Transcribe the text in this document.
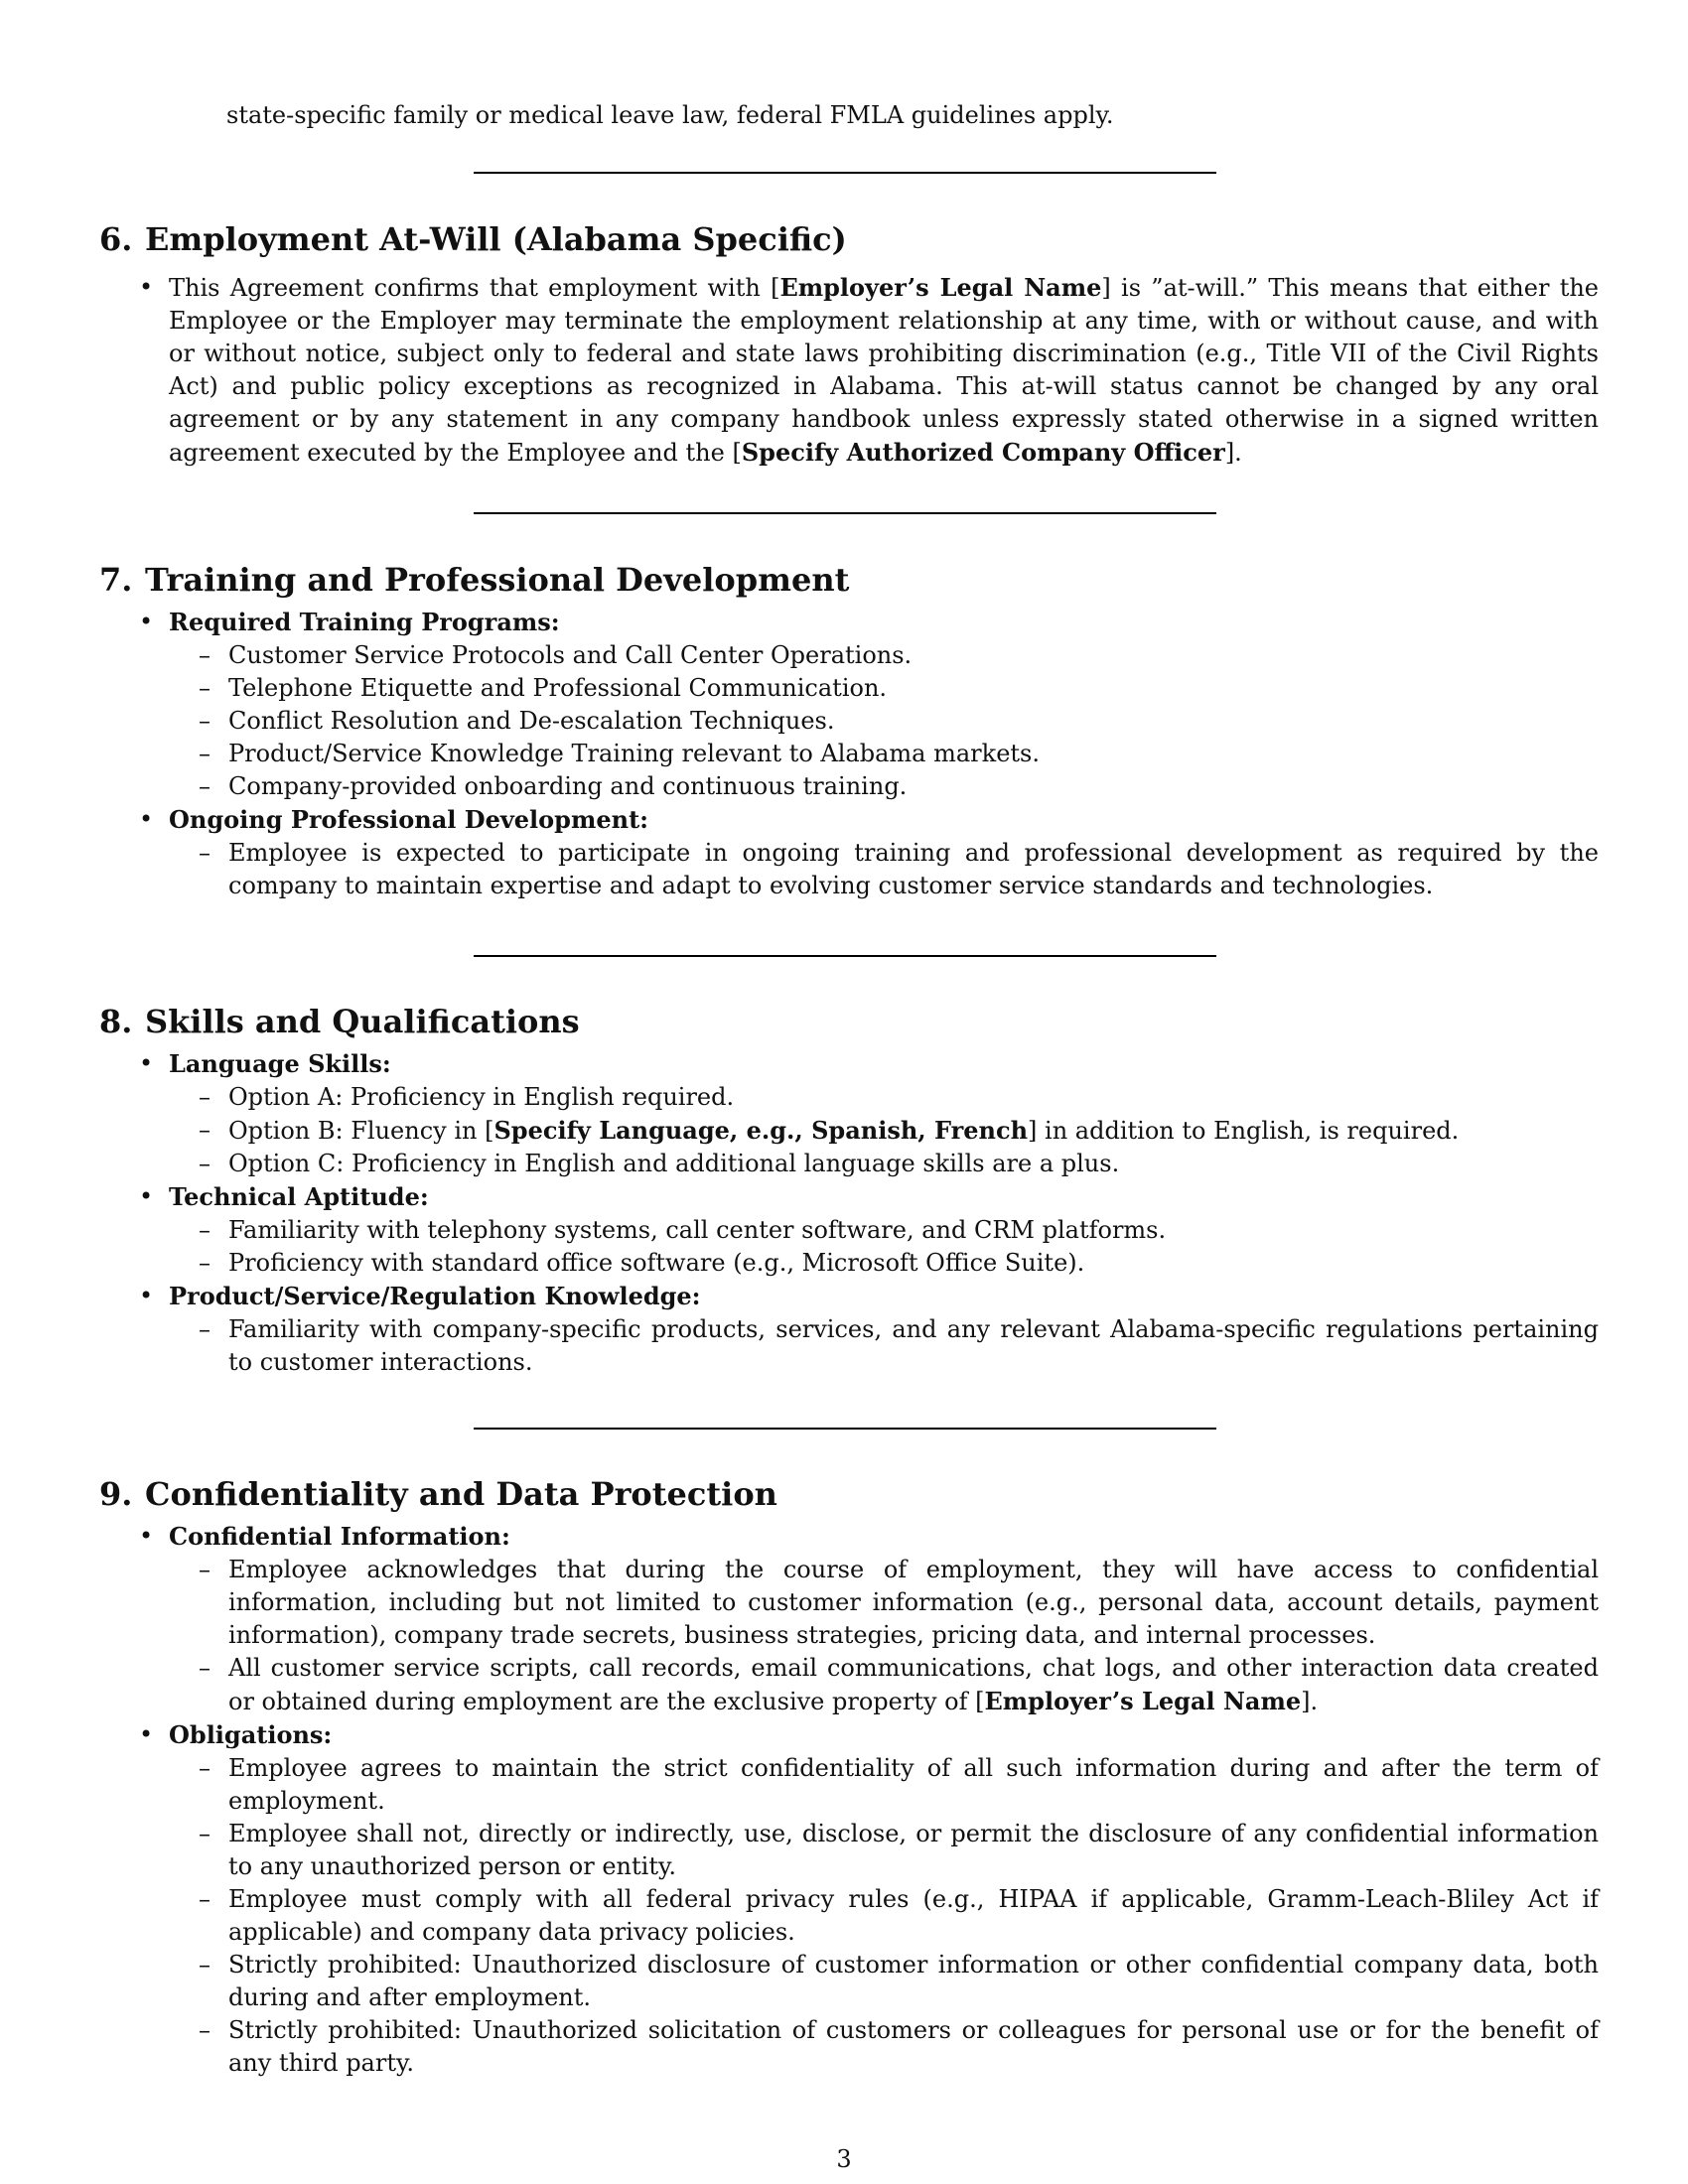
state-specific family or medical leave law, federal FMLA guidelines apply.

6. Employment At-Will (Alabama Specific)
• This Agreement confirms that employment with [Employer’s Legal Name] is ”at-will.” This means that either the Employee or the Employer may terminate the employment relationship at any time, with or without cause, and with or without notice, subject only to federal and state laws prohibiting discrimination (e.g., Title VII of the Civil Rights Act) and public policy exceptions as recognized in Alabama. This at-will status cannot be changed by any oral agreement or by any statement in any company handbook unless expressly stated otherwise in a signed written agreement executed by the Employee and the [Specify Authorized Company Officer].
7. Training and Professional Development
• Required Training Programs:
– Customer Service Protocols and Call Center Operations.
– Telephone Etiquette and Professional Communication.
– Conflict Resolution and De-escalation Techniques.
– Product/Service Knowledge Training relevant to Alabama markets.
– Company-provided onboarding and continuous training.
• Ongoing Professional Development:
– Employee is expected to participate in ongoing training and professional development as required by the company to maintain expertise and adapt to evolving customer service standards and technologies.
8. Skills and Qualifications
• Language Skills:
– Option A: Proficiency in English required.
– Option B: Fluency in [Specify Language, e.g., Spanish, French] in addition to English, is required.
– Option C: Proficiency in English and additional language skills are a plus.
• Technical Aptitude:
– Familiarity with telephony systems, call center software, and CRM platforms.
– Proficiency with standard office software (e.g., Microsoft Office Suite).
• Product/Service/Regulation Knowledge:
– Familiarity with company-specific products, services, and any relevant Alabama-specific regulations pertaining to customer interactions.
9. Confidentiality and Data Protection
• Confidential Information:
– Employee acknowledges that during the course of employment, they will have access to confidential information, including but not limited to customer information (e.g., personal data, account details, payment information), company trade secrets, business strategies, pricing data, and internal processes.
– All customer service scripts, call records, email communications, chat logs, and other interaction data created or obtained during employment are the exclusive property of [Employer’s Legal Name].
• Obligations:
– Employee agrees to maintain the strict confidentiality of all such information during and after the term of employment.
– Employee shall not, directly or indirectly, use, disclose, or permit the disclosure of any confidential information to any unauthorized person or entity.
– Employee must comply with all federal privacy rules (e.g., HIPAA if applicable, Gramm-Leach-Bliley Act if applicable) and company data privacy policies.
– Strictly prohibited: Unauthorized disclosure of customer information or other confidential company data, both during and after employment.
– Strictly prohibited: Unauthorized solicitation of customers or colleagues for personal use or for the benefit of any third party.
3
